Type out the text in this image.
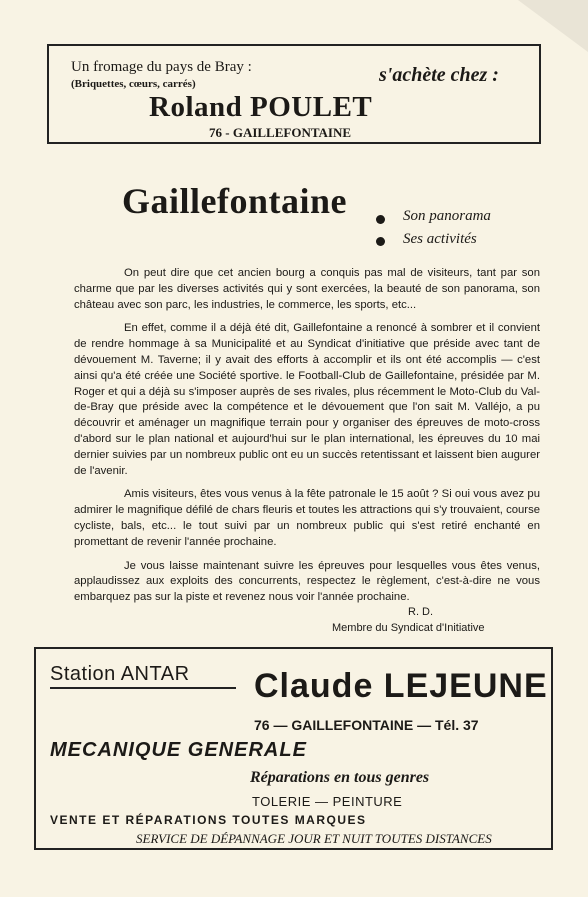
Un fromage du pays de Bray :
(Briquettes, cœurs, carrés)	s'achète chez :
Roland POULET
76 - GAILLEFONTAINE
Gaillefontaine	Son panorama
Ses activités

On peut dire que cet ancien bourg a conquis pas mal de visiteurs, tant par son charme que par les diverses activités qui y sont exercées, la beauté de son panorama, son château avec son parc, les industries, le commerce, les sports, etc...

En effet, comme il a déjà été dit, Gaillefontaine a renoncé à sombrer et il convient de rendre hommage à sa Municipalité et au Syndicat d'initiative que préside avec tant de dévouement M. Taverne; il y avait des efforts à accomplir et ils ont été accomplis — c'est ainsi qu'a été créée une Société sportive. le Football-Club de Gaillefontaine, présidée par M. Roger et qui a déjà su s'imposer auprès de ses rivales, plus récemment le Moto-Club du Val-de-Bray que préside avec la compétence et le dévouement que l'on sait M. Valléjo, a pu découvrir et aménager un magnifique terrain pour y organiser des épreuves de moto-cross d'abord sur le plan national et aujourd'hui sur le plan international, les épreuves du 10 mai dernier suivies par un nombreux public ont eu un succès retentissant et laissent bien augurer de l'avenir.

Amis visiteurs, êtes vous venus à la fête patronale le 15 août ? Si oui vous avez pu admirer le magnifique défilé de chars fleuris et toutes les attractions qui s'y trouvaient, course cycliste, bals, etc... le tout suivi par un nombreux public qui s'est retiré enchanté en promettant de revenir l'année prochaine.

Je vous laisse maintenant suivre les épreuves pour lesquelles vous êtes venus, applaudissez aux exploits des concurrents, respectez le règlement, c'est-à-dire ne vous embarquez pas sur la piste et revenez nous voir l'année prochaine.

R. D.
Membre du Syndicat d'Initiative
Station ANTAR Claude LEJEUNE
76 — GAILLEFONTAINE — Tél. 37
MECANIQUE GENERALE
Réparations en tous genres
TOLERIE — PEINTURE
VENTE ET RÉPARATIONS TOUTES MARQUES
SERVICE DE DÉPANNAGE JOUR ET NUIT TOUTES DISTANCES
